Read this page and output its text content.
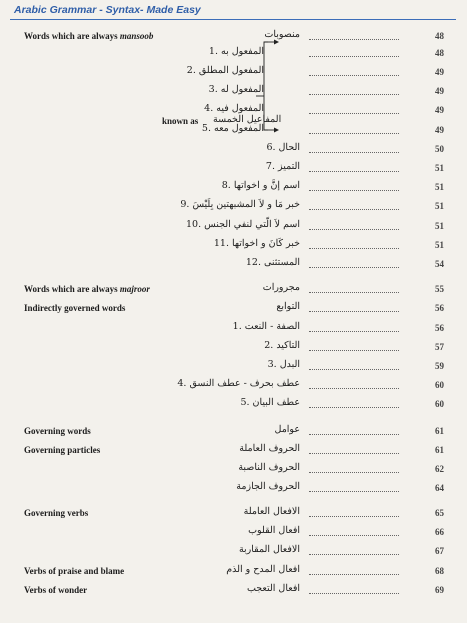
Arabic Grammar - Syntax- Made Easy
known as المفاعيل الخمسة
Words which are always mansoob	منصوبات	48
المفعول به .1	48
المفعول المطلق .2	49
المفعول له .3	49
المفعول فيه .4	49
المفعول معه .5	49
الحال .6	50
التميز .7	51
اسم إنَّ و اخواتها .8	51
خبر مَا و لاَ المشبهتين بِلَيْسَ .9	51
اسم لاَ الّتي لنفي الجنس .10	51
خبر كَانَ و اخواتها .11	51
المستثنى .12	54
Words which are always majroor	مجرورات	55
Indirectly governed words	التوابع	56
الصفة - النعت .1	56
التاكيد .2	57
البدل .3	59
عطف بحرف - عطف النسق .4	60
عطف البيان .5	60
Governing words	عوامل	61
Governing particles	الحروف العاملة	61
الحروف الناصبة	62
الحروف الجازمة	64
Governing verbs	الافعال العاملة	65
افعال القلوب	66
الافعال المقاربة	67
Verbs of praise and blame	افعال المدح و الذم	68
Verbs of wonder	افعال التعجب	69
